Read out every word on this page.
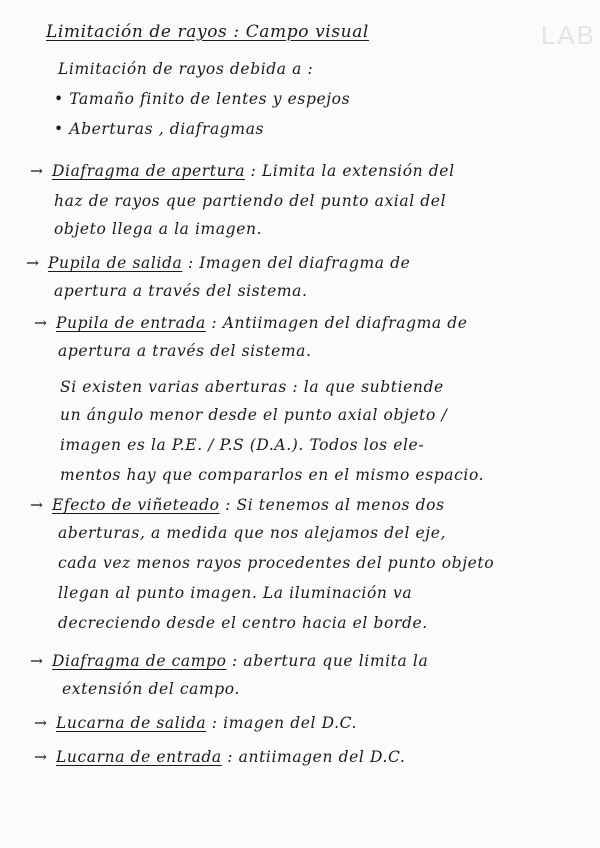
LAB
Limitación de rayos : Campo visual
Limitación de rayos debida a :
• Tamaño finito de lentes y espejos
• Aberturas , diafragmas
→ Diafragma de apertura : Limita la extensión del
haz de rayos que partiendo del punto axial del
objeto llega a la imagen.
→ Pupila de salida : Imagen del diafragma de
apertura a través del sistema.
→ Pupila de entrada : Antiimagen del diafragma de
apertura a través del sistema.
Si existen varias aberturas : la que subtiende
un ángulo menor desde el punto axial objeto /
imagen es la P.E. / P.S (D.A.). Todos los ele-
mentos hay que compararlos en el mismo espacio.
→ Efecto de viñeteado : Si tenemos al menos dos
aberturas, a medida que nos alejamos del eje,
cada vez menos rayos procedentes del punto objeto
llegan al punto imagen. La iluminación va
decreciendo desde el centro hacia el borde.
→ Diafragma de campo : abertura que limita la
extensión del campo.
→ Lucarna de salida : imagen del D.C.
→ Lucarna de entrada : antiimagen del D.C.
